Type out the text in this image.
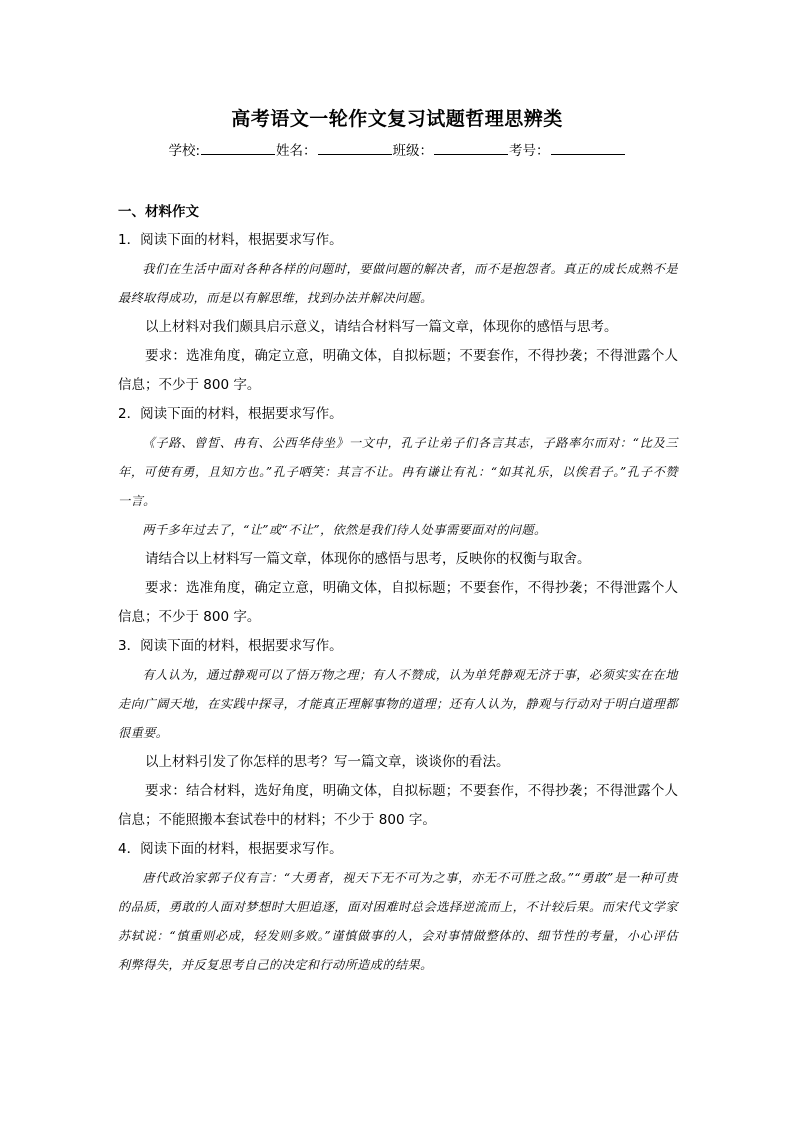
高考语文一轮作文复习试题哲理思辨类
学校:	姓名：	班级：	考号：

一、材料作文

1．阅读下面的材料，根据要求写作。

我们在生活中面对各种各样的问题时，要做问题的解决者，而不是抱怨者。真正的成长成熟不是最终取得成功，而是以有解思维，找到办法并解决问题。

以上材料对我们颇具启示意义，请结合材料写一篇文章，体现你的感悟与思考。

要求：选准角度，确定立意，明确文体，自拟标题；不要套作，不得抄袭；不得泄露个人信息；不少于 800 字。

2．阅读下面的材料，根据要求写作。

《子路、曾皙、冉有、公西华侍坐》一文中，孔子让弟子们各言其志，子路率尔而对：“比及三年，可使有勇，且知方也。”孔子哂笑：其言不让。冉有谦让有礼：“如其礼乐，以俟君子。”孔子不赞一言。

两千多年过去了，“让”或“不让”，依然是我们待人处事需要面对的问题。

请结合以上材料写一篇文章，体现你的感悟与思考，反映你的权衡与取舍。

要求：选准角度，确定立意，明确文体，自拟标题；不要套作，不得抄袭；不得泄露个人信息；不少于 800 字。

3．阅读下面的材料，根据要求写作。

有人认为，通过静观可以了悟万物之理；有人不赞成，认为单凭静观无济于事，必须实实在在地走向广阔天地，在实践中探寻，才能真正理解事物的道理；还有人认为，静观与行动对于明白道理都很重要。

以上材料引发了你怎样的思考？写一篇文章，谈谈你的看法。

要求：结合材料，选好角度，明确文体，自拟标题；不要套作，不得抄袭；不得泄露个人信息；不能照搬本套试卷中的材料；不少于 800 字。

4．阅读下面的材料，根据要求写作。

唐代政治家郭子仪有言：“大勇者，视天下无不可为之事，亦无不可胜之敌。”“勇敢”是一种可贵的品质，勇敢的人面对梦想时大胆追逐，面对困难时总会选择逆流而上，不计较后果。而宋代文学家苏轼说：“慎重则必成，轻发则多败。”谨慎做事的人，会对事情做整体的、细节性的考量，小心评估利弊得失，并反复思考自己的决定和行动所造成的结果。
